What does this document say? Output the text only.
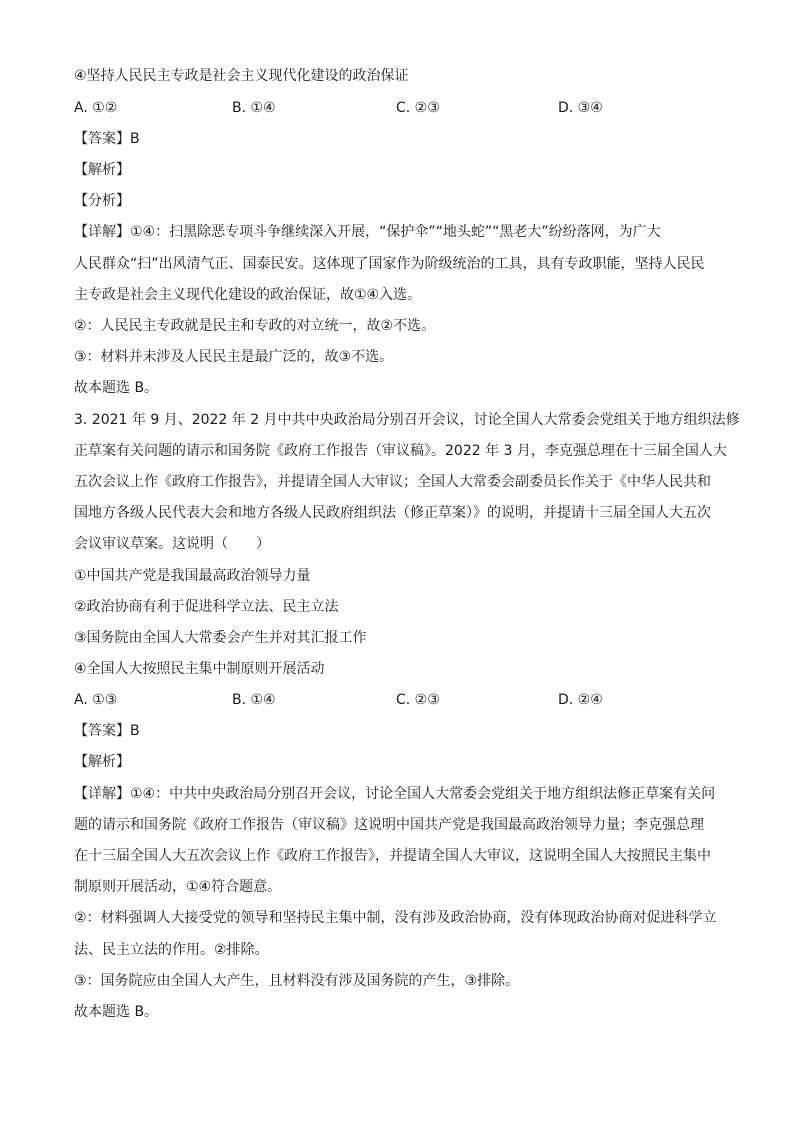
④坚持人民民主专政是社会主义现代化建设的政治保证
A. ①②	B. ①④	C. ②③	D. ③④
【答案】B
【解析】
【分析】
【详解】①④：扫黑除恶专项斗争继续深入开展，“保护伞”“地头蛇”“黑老大”纷纷落网，为广大
人民群众“扫”出风清气正、国泰民安。这体现了国家作为阶级统治的工具，具有专政职能，坚持人民民
主专政是社会主义现代化建设的政治保证，故①④入选。
②：人民民主专政就是民主和专政的对立统一，故②不选。
③：材料并未涉及人民民主是最广泛的，故③不选。
故本题选 B。
3. 2021 年 9 月、2022 年 2 月中共中央政治局分别召开会议，讨论全国人大常委会党组关于地方组织法修
正草案有关问题的请示和国务院《政府工作报告（审议稿》。2022 年 3 月，李克强总理在十三届全国人大
五次会议上作《政府工作报告》，并提请全国人大审议；全国人大常委会副委员长作关于《中华人民共和
国地方各级人民代表大会和地方各级人民政府组织法（修正草案）》的说明，并提请十三届全国人大五次
会议审议草案。这说明（　　）
①中国共产党是我国最高政治领导力量
②政治协商有利于促进科学立法、民主立法
③国务院由全国人大常委会产生并对其汇报工作
④全国人大按照民主集中制原则开展活动
A. ①③	B. ①④	C. ②③	D. ②④
【答案】B
【解析】
【详解】①④：中共中央政治局分别召开会议，讨论全国人大常委会党组关于地方组织法修正草案有关问
题的请示和国务院《政府工作报告（审议稿》这说明中国共产党是我国最高政治领导力量；李克强总理
在十三届全国人大五次会议上作《政府工作报告》，并提请全国人大审议，这说明全国人大按照民主集中
制原则开展活动，①④符合题意。
②：材料强调人大接受党的领导和坚持民主集中制，没有涉及政治协商，没有体现政治协商对促进科学立
法、民主立法的作用。②排除。
③：国务院应由全国人大产生，且材料没有涉及国务院的产生，③排除。
故本题选 B。
